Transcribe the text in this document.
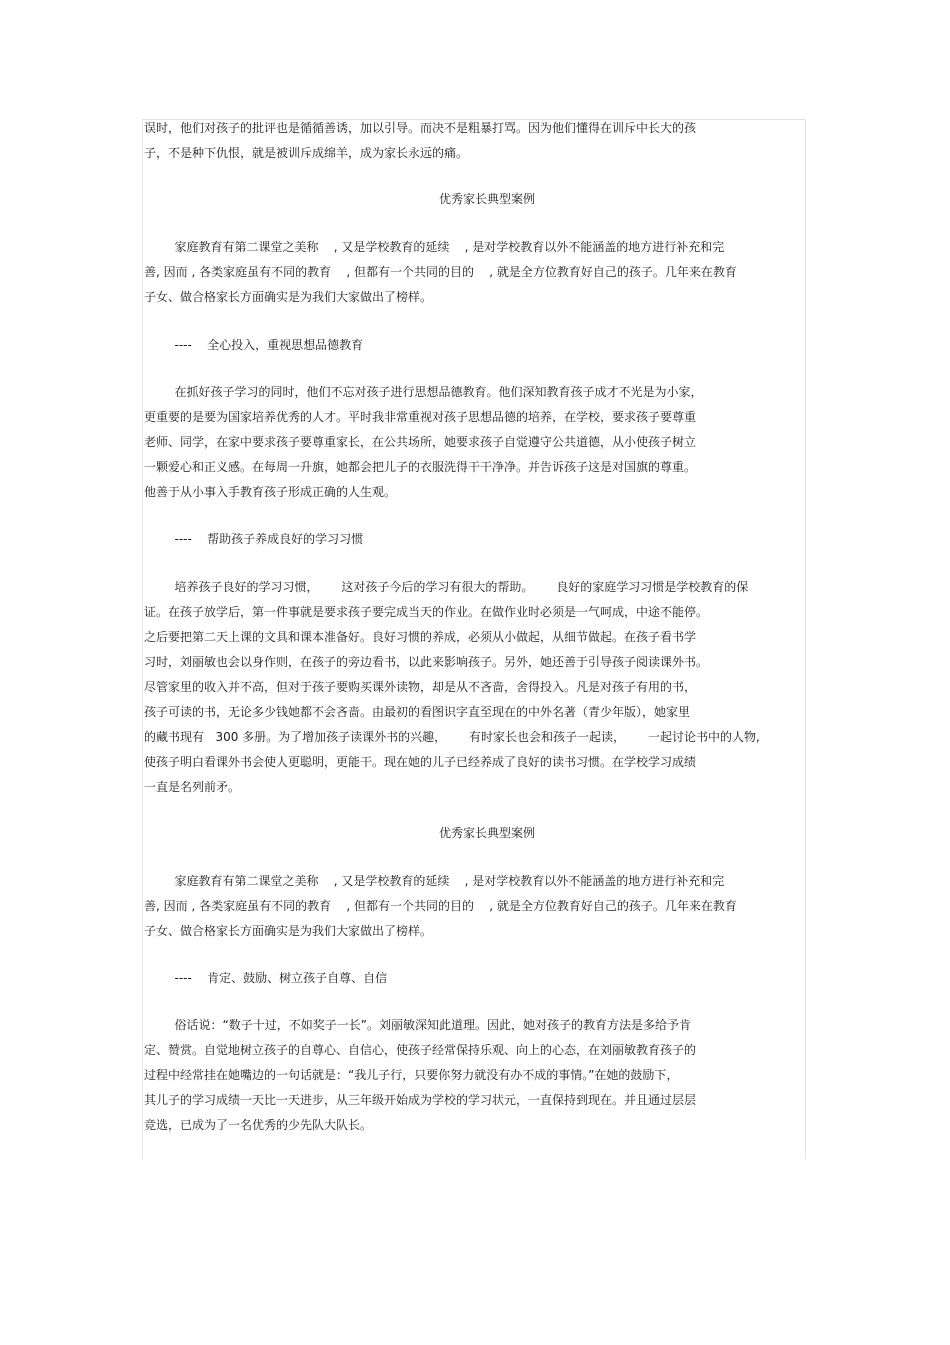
误时，他们对孩子的批评也是循循善诱，加以引导。而决不是粗暴打骂。因为他们懂得在训斥中长大的孩

子，不是种下仇恨，就是被训斥成绵羊，成为家长永远的痛。

优秀家长典型案例

家庭教育有第二课堂之美称    , 又是学校教育的延续    , 是对学校教育以外不能涵盖的地方进行补充和完

善, 因而 , 各类家庭虽有不同的教育    , 但都有一个共同的目的    , 就是全方位教育好自己的孩子。几年来在教育

子女、做合格家长方面确实是为我们大家做出了榜样。

----    全心投入，重视思想品德教育

在抓好孩子学习的同时，他们不忘对孩子进行思想品德教育。他们深知教育孩子成才不光是为小家，

更重要的是要为国家培养优秀的人才。平时我非常重视对孩子思想品德的培养，在学校，要求孩子要尊重

老师、同学，在家中要求孩子要尊重家长，在公共场所，她要求孩子自觉遵守公共道德，从小使孩子树立

一颗爱心和正义感。在每周一升旗，她都会把儿子的衣服洗得干干净净。并告诉孩子这是对国旗的尊重。

他善于从小事入手教育孩子形成正确的人生观。

----    帮助孩子养成良好的学习习惯

培养孩子良好的学习习惯，      这对孩子今后的学习有很大的帮助。      良好的家庭学习习惯是学校教育的保

证。在孩子放学后，第一件事就是要求孩子要完成当天的作业。在做作业时必须是一气呵成，中途不能停。

之后要把第二天上课的文具和课本准备好。良好习惯的养成，必须从小做起，从细节做起。在孩子看书学

习时，刘丽敏也会以身作则，在孩子的旁边看书，以此来影响孩子。另外，她还善于引导孩子阅读课外书。

尽管家里的收入并不高，但对于孩子要购买课外读物，却是从不吝啬，舍得投入。凡是对孩子有用的书，

孩子可读的书，无论多少钱她都不会吝啬。由最初的看图识字直至现在的中外名著（青少年版），她家里

的藏书现有   300 多册。为了增加孩子读课外书的兴趣，      有时家长也会和孩子一起读，      一起讨论书中的人物,

使孩子明白看课外书会使人更聪明，更能干。现在她的儿子已经养成了良好的读书习惯。在学校学习成绩

一直是名列前矛。

优秀家长典型案例

家庭教育有第二课堂之美称    , 又是学校教育的延续    , 是对学校教育以外不能涵盖的地方进行补充和完

善, 因而 , 各类家庭虽有不同的教育    , 但都有一个共同的目的    , 就是全方位教育好自己的孩子。几年来在教育

子女、做合格家长方面确实是为我们大家做出了榜样。

----    肯定、鼓励、树立孩子自尊、自信

俗话说：“数子十过，不如奖子一长”。刘丽敏深知此道理。因此，她对孩子的教育方法是多给予肯

定、赞赏。自觉地树立孩子的自尊心、自信心，使孩子经常保持乐观、向上的心态，在刘丽敏教育孩子的

过程中经常挂在她嘴边的一句话就是：“我儿子行，只要你努力就没有办不成的事情。”在她的鼓励下，

其儿子的学习成绩一天比一天进步，从三年级开始成为学校的学习状元，一直保持到现在。并且通过层层

竞选，已成为了一名优秀的少先队大队长。
